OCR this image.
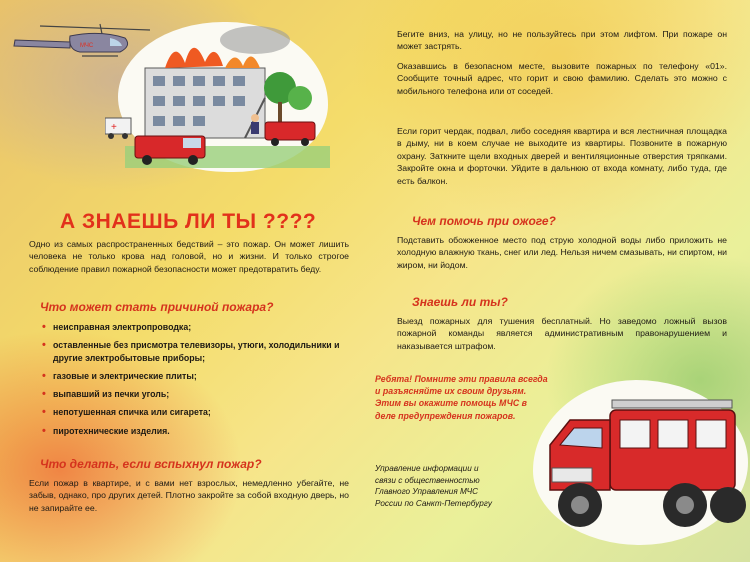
МЧС
+
А ЗНАЕШЬ ЛИ ТЫ ????

Одно из самых распространенных бедствий – это пожар. Он может лишить человека не только крова над головой, но и жизни. И только строгое соблюдение правил пожарной безопасности может предотвратить беду.

Что может стать причиной пожара?
• неисправная электропроводка;
• оставленные без присмотра телевизоры, утюги, холодильники и другие электробытовые приборы;
• газовые и электрические плиты;
• выпавший из печки уголь;
• непотушенная спичка или сигарета;
• пиротехнические изделия.
Что делать, если вспыхнул пожар?

Если пожар в квартире, и с вами нет взрослых, немедленно убегайте, не забыв, однако, про других детей. Плотно закройте за собой входную дверь, но не запирайте ее.

Бегите вниз, на улицу, но не пользуйтесь при этом лифтом. При пожаре он может застрять.

Оказавшись в безопасном месте, вызовите пожарных по телефону «01». Сообщите точный адрес, что горит и свою фамилию. Сделать это можно с мобильного телефона или от соседей.

Если горит чердак, подвал, либо соседняя квартира и вся лестничная площадка в дыму, ни в коем случае не выходите из квартиры. Позвоните в пожарную охрану. Заткните щели входных дверей и вентиляционные отверстия тряпками. Закройте окна и форточки. Уйдите в дальнюю от входа комнату, либо туда, где есть балкон.

Чем помочь при ожоге?

Подставить обожженное место под струю холодной воды либо приложить не холодную влажную ткань, снег или лед. Нельзя ничем смазывать, ни спиртом, ни жиром, ни йодом.

Знаешь ли ты?

Выезд пожарных для тушения бесплатный. Но заведомо ложный вызов пожарной команды является административным правонарушением и наказывается штрафом.

Ребята! Помните эти правила всегда и разъясняйте их своим друзьям. Этим вы окажите помощь МЧС в деле предупреждения пожаров.
Управление информации и связи с общественностью Главного Управления МЧС России по Санкт-Петербургу
